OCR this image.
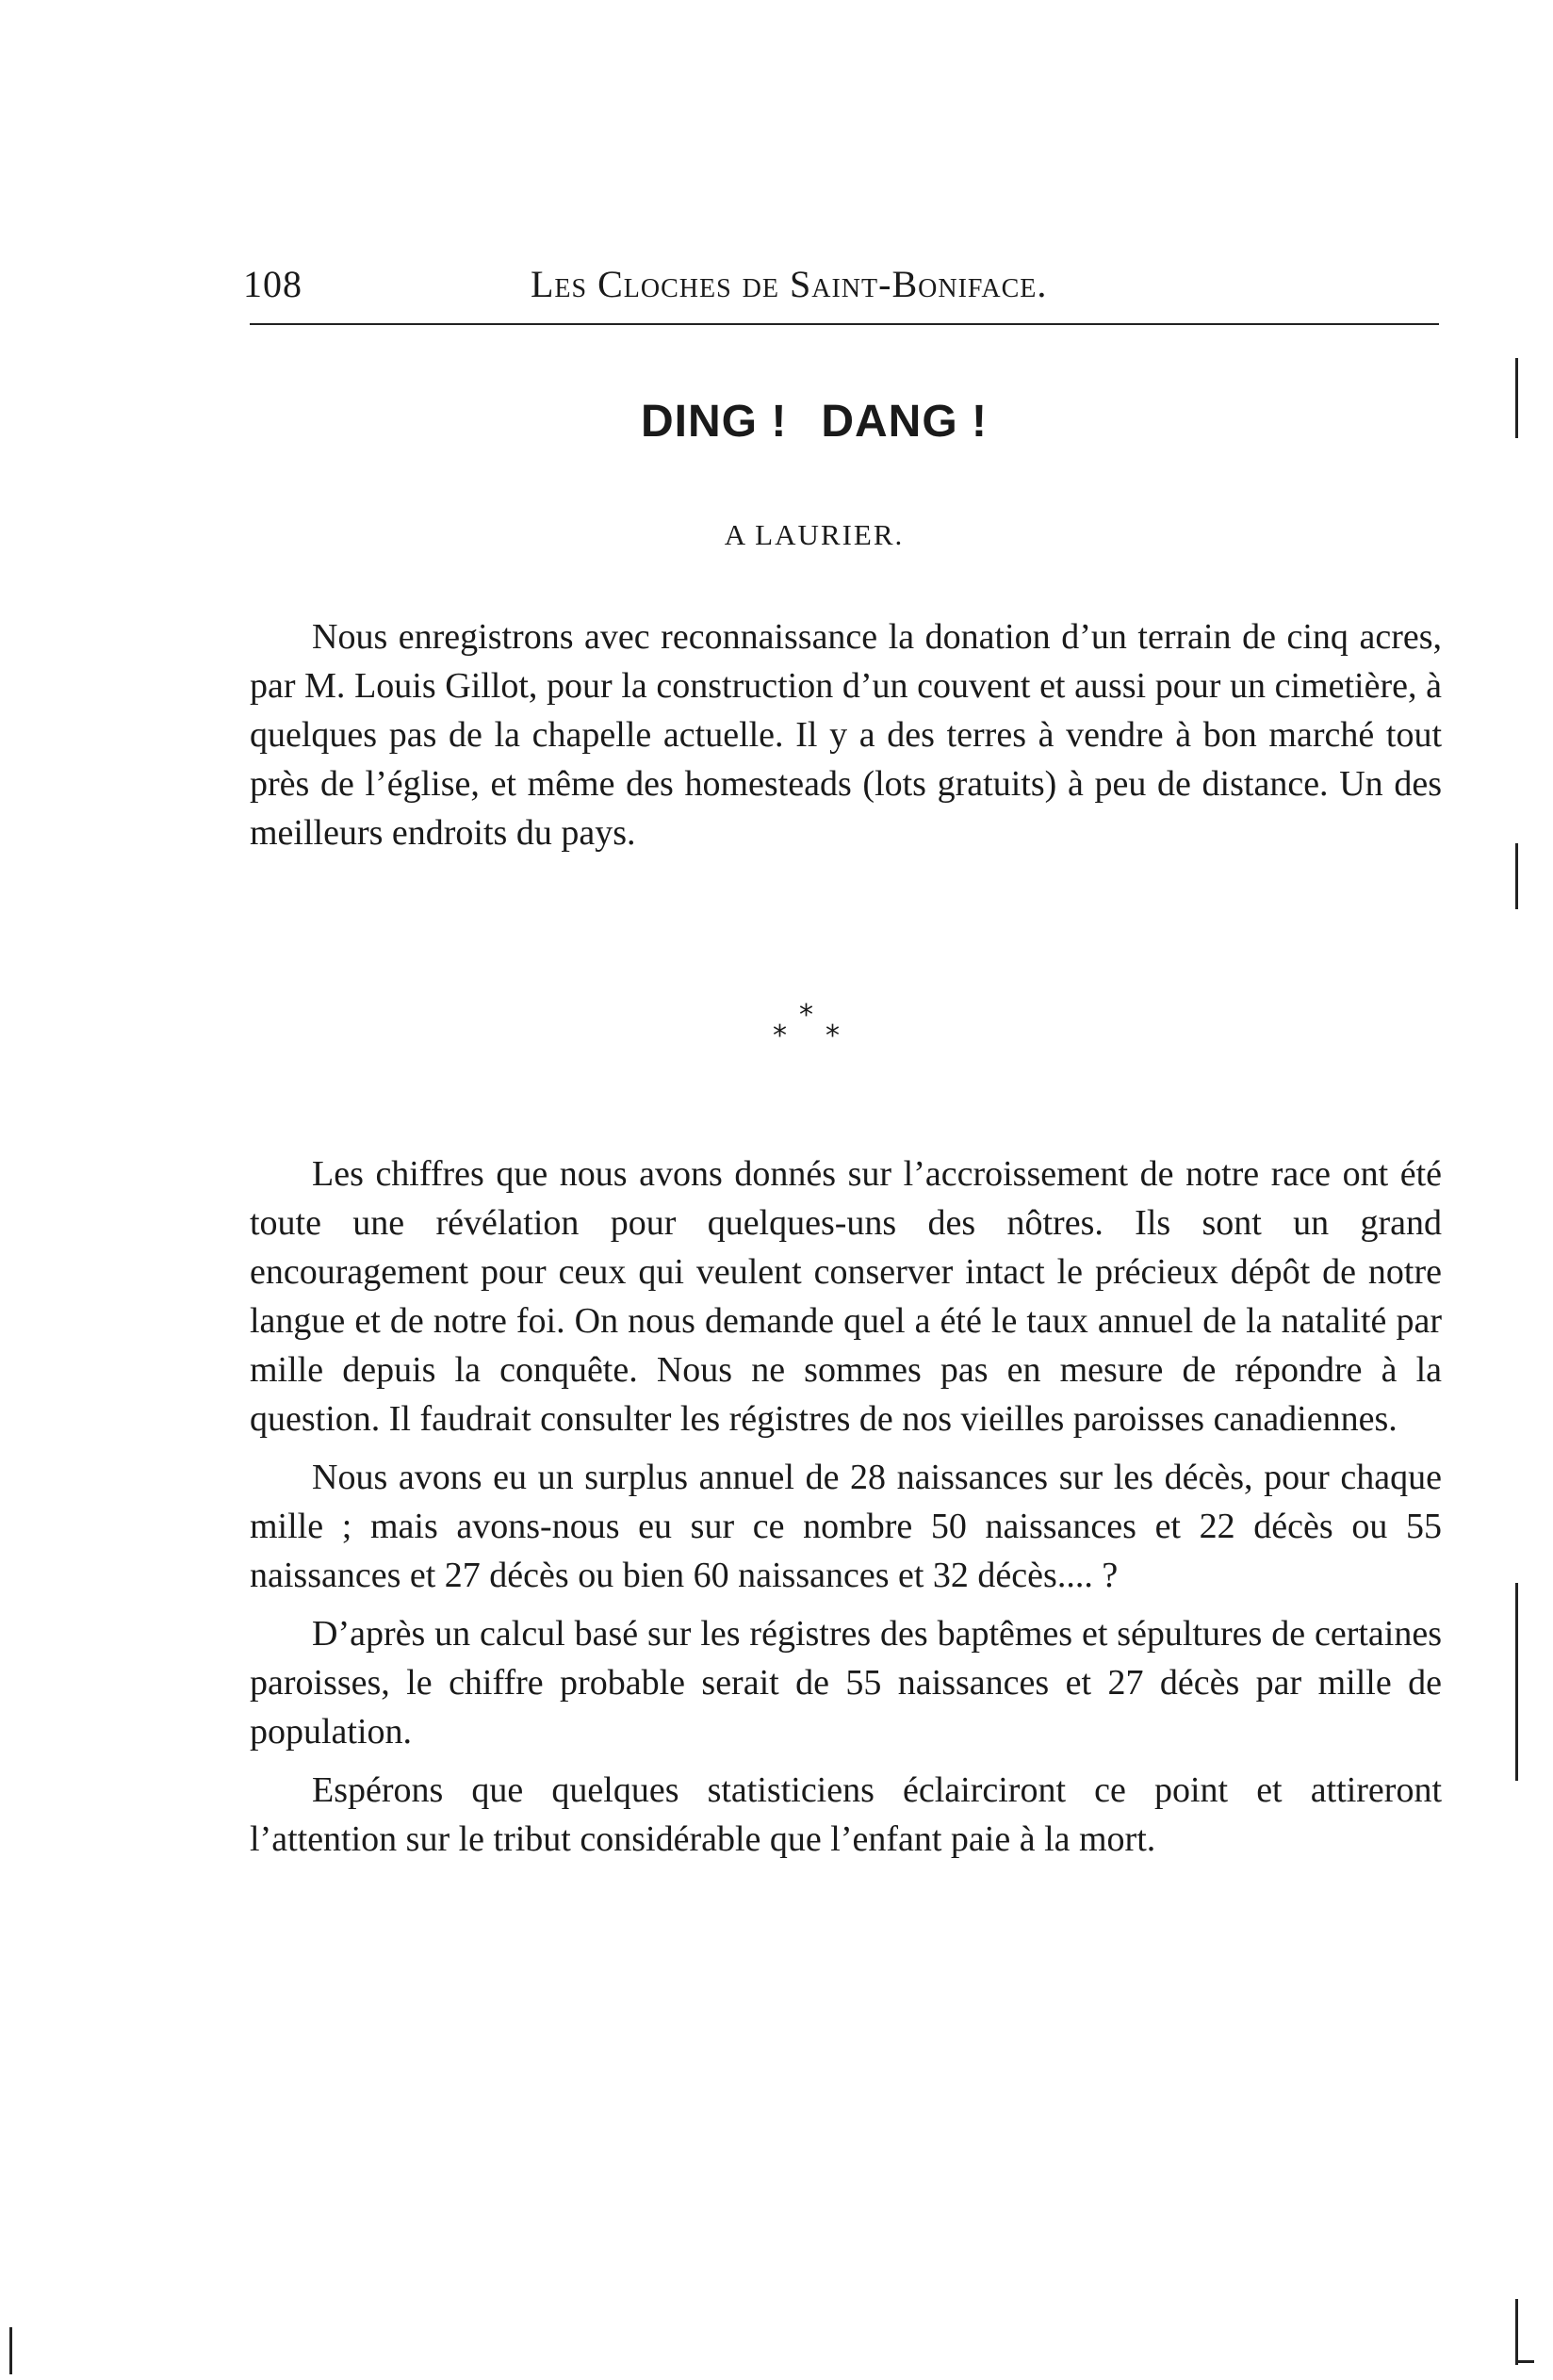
108	Les Cloches de Saint-Boniface.
DING ! DANG !
A LAURIER.

Nous enregistrons avec reconnaissance la donation d’un terrain de cinq acres, par M. Louis Gillot, pour la construction d’un couvent et aussi pour un cimetière, à quelques pas de la chapelle actuelle. Il y a des terres à vendre à bon marché tout près de l’église, et même des homesteads (lots gratuits) à peu de distance. Un des meilleurs endroits du pays.

*
* *

Les chiffres que nous avons donnés sur l’accroissement de notre race ont été toute une révélation pour quelques-uns des nôtres. Ils sont un grand encouragement pour ceux qui veulent conserver intact le précieux dépôt de notre langue et de notre foi. On nous demande quel a été le taux annuel de la natalité par mille depuis la conquête. Nous ne sommes pas en mesure de répondre à la question. Il faudrait consulter les régistres de nos vieilles paroisses canadiennes.

Nous avons eu un surplus annuel de 28 naissances sur les décès, pour chaque mille ; mais avons-nous eu sur ce nombre 50 naissances et 22 décès ou 55 naissances et 27 décès ou bien 60 naissances et 32 décès.... ?

D’après un calcul basé sur les régistres des baptêmes et sépultures de certaines paroisses, le chiffre probable serait de 55 naissances et 27 décès par mille de population.

Espérons que quelques statisticiens éclairciront ce point et attireront l’attention sur le tribut considérable que l’enfant paie à la mort.
